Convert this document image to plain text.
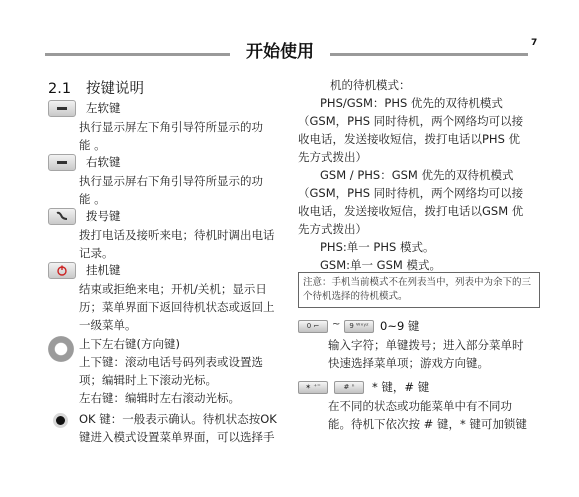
开始使用	7
2.1 按键说明
左软键
执行显示屏左下角引导符所显示的功
能 。
右软键
执行显示屏右下角引导符所显示的功
能 。
拨号键
拨打电话及接听来电；待机时调出电话
记录。
挂机键
结束或拒绝来电；开机/关机；显示日
历；菜单界面下返回待机状态或返回上
一级菜单。
上下左右键(方向键)
上下键：滚动电话号码列表或设置选
项；编辑时上下滚动光标。
左右键：编辑时左右滚动光标。
OK 键：一般表示确认。待机状态按OK
键进入模式设置菜单界面，可以选择手
机的待机模式：
PHS/GSM：PHS 优先的双待机模式
（GSM，PHS 同时待机，两个网络均可以接
收电话，发送接收短信，拨打电话以PHS 优
先方式拨出）
GSM / PHS：GSM 优先的双待机模式
（GSM，PHS 同时待机，两个网络均可以接
收电话，发送接收短信，拨打电话以GSM 优
先方式拨出）
PHS:单一 PHS 模式。
GSM:单一 GSM 模式。
注意：手机当前模式不在列表当中，列表中为余下的三个待机选择的待机模式。
0 ⌐	~	9 ᵂˣʸᶻ 0~9 键
输入字符；单键拨号；进入部分菜单时
快速选择菜单项；游戏方向键。
✶ ⁺⁼	# ⁿ	* 键，# 键
在不同的状态或功能菜单中有不同功
能。待机下依次按 # 键，* 键可加锁键
